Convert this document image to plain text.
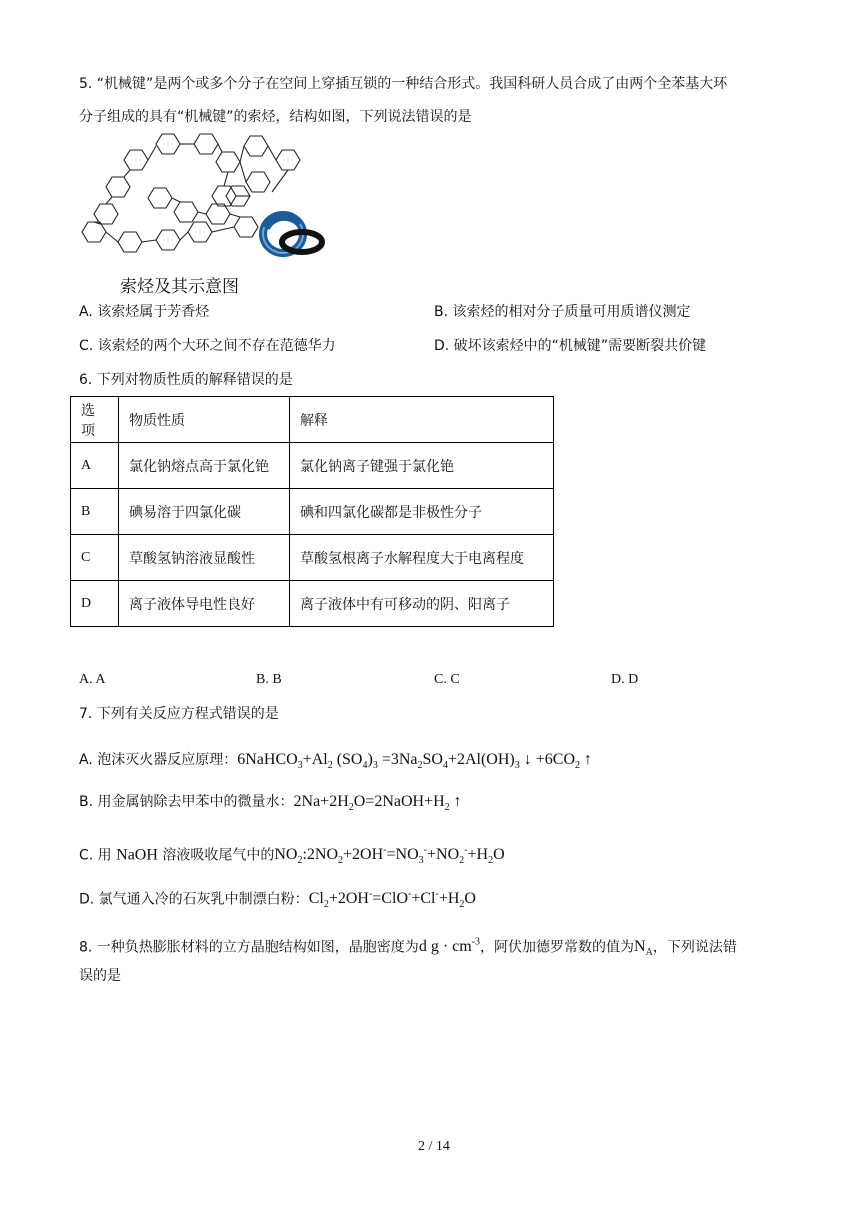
5. “机械键”是两个或多个分子在空间上穿插互锁的一种结合形式。我国科研人员合成了由两个全苯基大环
分子组成的具有“机械键”的索烃，结构如图，下列说法错误的是
索烃及其示意图
A. 该索烃属于芳香烃	B. 该索烃的相对分子质量可用质谱仪测定
C. 该索烃的两个大环之间不存在范德华力	D. 破坏该索烃中的“机械键”需要断裂共价键
6. 下列对物质性质的解释错误的是
选项	物质性质	解释
A	氯化钠熔点高于氯化铯	氯化钠离子键强于氯化铯
B	碘易溶于四氯化碳	碘和四氯化碳都是非极性分子
C	草酸氢钠溶液显酸性	草酸氢根离子水解程度大于电离程度
D	离子液体导电性良好	离子液体中有可移动的阴、阳离子
A. A	B. B	C. C	D. D
7. 下列有关反应方程式错误的是
A. 泡沫灭火器反应原理：$6NaHCO_3+Al_2$ $(SO_4)_3 =3Na_2SO_4+2Al(OH)_3$ ↓ $+6CO_2$ ↑
B. 用金属钠除去甲苯中的微量水：$2Na+2H_2O=2NaOH+H_2$ ↑
C. 用 NaOH 溶液吸收尾气中的$NO_2:2NO_2+2OH^-=NO_3^-+NO_2^-+H_2O$
D. 氯气通入冷的石灰乳中制漂白粉：$Cl_2+2OH^-=ClO^-+Cl^-+H_2O$
8. 一种负热膨胀材料的立方晶胞结构如图，晶胞密度为d $g \cdot cm^{-3}$，阿伏加德罗常数的值为$N_A$，下列说法错
误的是
2 / 14
